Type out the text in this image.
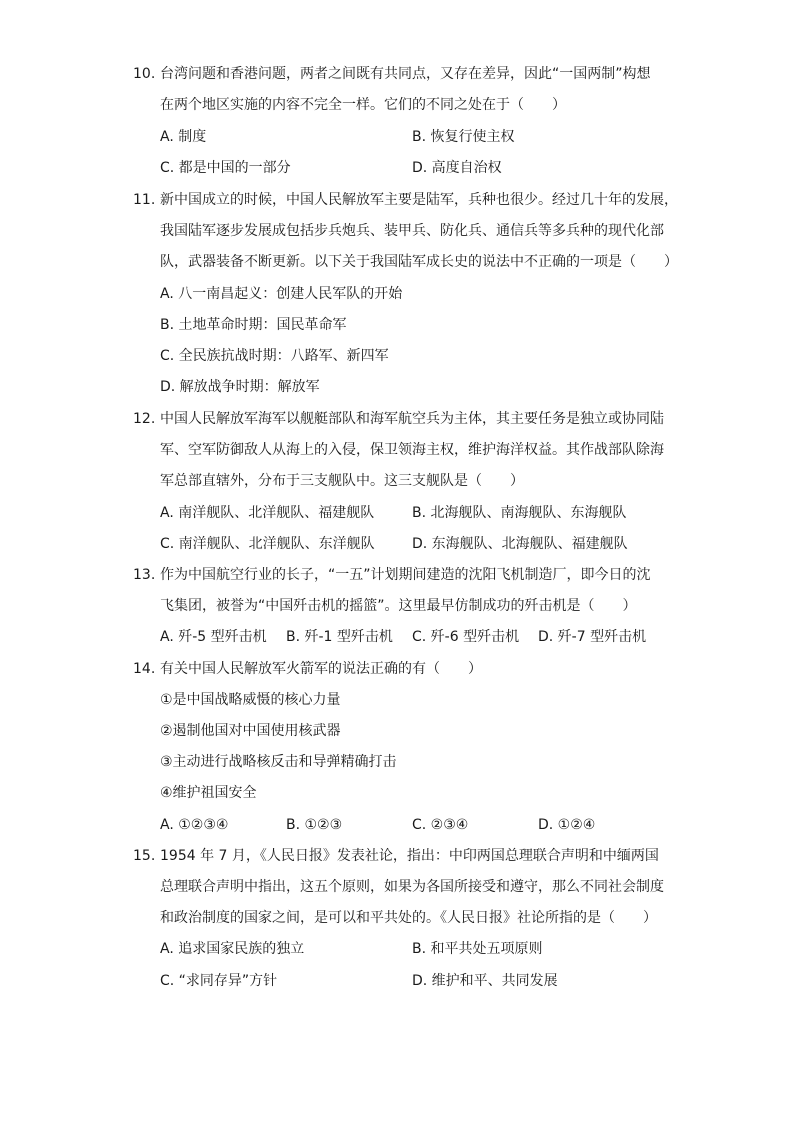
10. 台湾问题和香港问题，两者之间既有共同点，又存在差异，因此“一国两制”构想
在两个地区实施的内容不完全一样。它们的不同之处在于（　　）
A. 制度	B. 恢复行使主权
C. 都是中国的一部分	D. 高度自治权
11. 新中国成立的时候，中国人民解放军主要是陆军，兵种也很少。经过几十年的发展，
我国陆军逐步发展成包括步兵炮兵、装甲兵、防化兵、通信兵等多兵种的现代化部
队，武器装备不断更新。以下关于我国陆军成长史的说法中不正确的一项是（　　）
A. 八一南昌起义：创建人民军队的开始
B. 土地革命时期：国民革命军
C. 全民族抗战时期：八路军、新四军
D. 解放战争时期：解放军
12. 中国人民解放军海军以舰艇部队和海军航空兵为主体，其主要任务是独立或协同陆
军、空军防御敌人从海上的入侵，保卫领海主权，维护海洋权益。其作战部队除海
军总部直辖外，分布于三支舰队中。这三支舰队是（　　）
A. 南洋舰队、北洋舰队、福建舰队	B. 北海舰队、南海舰队、东海舰队
C. 南洋舰队、北洋舰队、东洋舰队	D. 东海舰队、北海舰队、福建舰队
13. 作为中国航空行业的长子，“一五”计划期间建造的沈阳飞机制造厂，即今日的沈
飞集团，被誉为“中国歼击机的摇篮”。这里最早仿制成功的歼击机是（　　）
A. 歼-5 型歼击机 B. 歼-1 型歼击机 C. 歼-6 型歼击机 D. 歼-7 型歼击机
14. 有关中国人民解放军火箭军的说法正确的有（　　）
①是中国战略威慑的核心力量
②遏制他国对中国使用核武器
③主动进行战略核反击和导弹精确打击
④维护祖国安全
A. ①②③④	B. ①②③	C. ②③④	D. ①②④
15. 1954 年 7 月，《人民日报》发表社论，指出：中印两国总理联合声明和中缅两国
总理联合声明中指出，这五个原则，如果为各国所接受和遵守，那么不同社会制度
和政治制度的国家之间，是可以和平共处的。《人民日报》社论所指的是（　　）
A. 追求国家民族的独立	B. 和平共处五项原则
C. “求同存异”方针	D. 维护和平、共同发展
